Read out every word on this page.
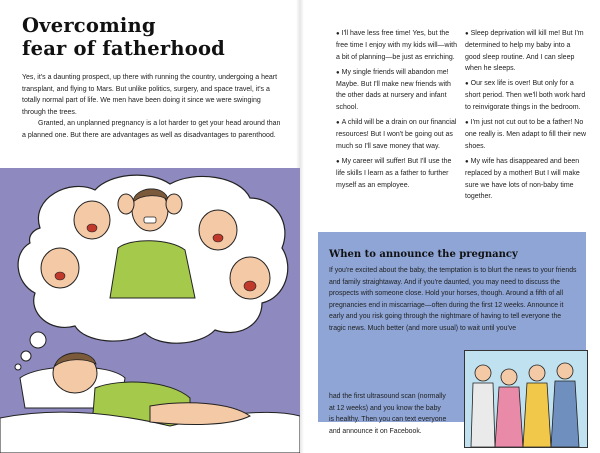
Overcoming
fear of fatherhood

Yes, it's a daunting prospect, up there with running the country, undergoing a heart transplant, and flying to Mars. But unlike politics, surgery, and space travel, it's a totally normal part of life. We men have been doing it since we were swinging through the trees.

Granted, an unplanned pregnancy is a lot harder to get your head around than a planned one. But there are advantages as well as disadvantages to parenthood.

● I'll have less free time! Yes, but the free time I enjoy with my kids will—with a bit of planning—be just as enriching.

● My single friends will abandon me! Maybe. But I'll make new friends with the other dads at nursery and infant school.

● A child will be a drain on our financial resources! But I won't be going out as much so I'll save money that way.

● My career will suffer! But I'll use the life skills I learn as a father to further myself as an employee.

● Sleep deprivation will kill me! But I'm determined to help my baby into a good sleep routine. And I can sleep when he sleeps.

● Our sex life is over! But only for a short period. Then we'll both work hard to reinvigorate things in the bedroom.

● I'm just not cut out to be a father! No one really is. Men adapt to fill their new shoes.

● My wife has disappeared and been replaced by a mother! But I will make sure we have lots of non-baby time together.

When to announce the pregnancy
If you're excited about the baby, the temptation is to blurt the news to your friends and family straightaway. And if you're daunted, you may need to discuss the prospects with someone close. Hold your horses, though. Around a fifth of all pregnancies end in miscarriage—often during the first 12 weeks. Announce it early and you risk going through the nightmare of having to tell everyone the tragic news. Much better (and more usual) to wait until you've
had the first ultrasound scan (normally
at 12 weeks) and you know the baby
is healthy. Then you can text everyone
and announce it on Facebook.
